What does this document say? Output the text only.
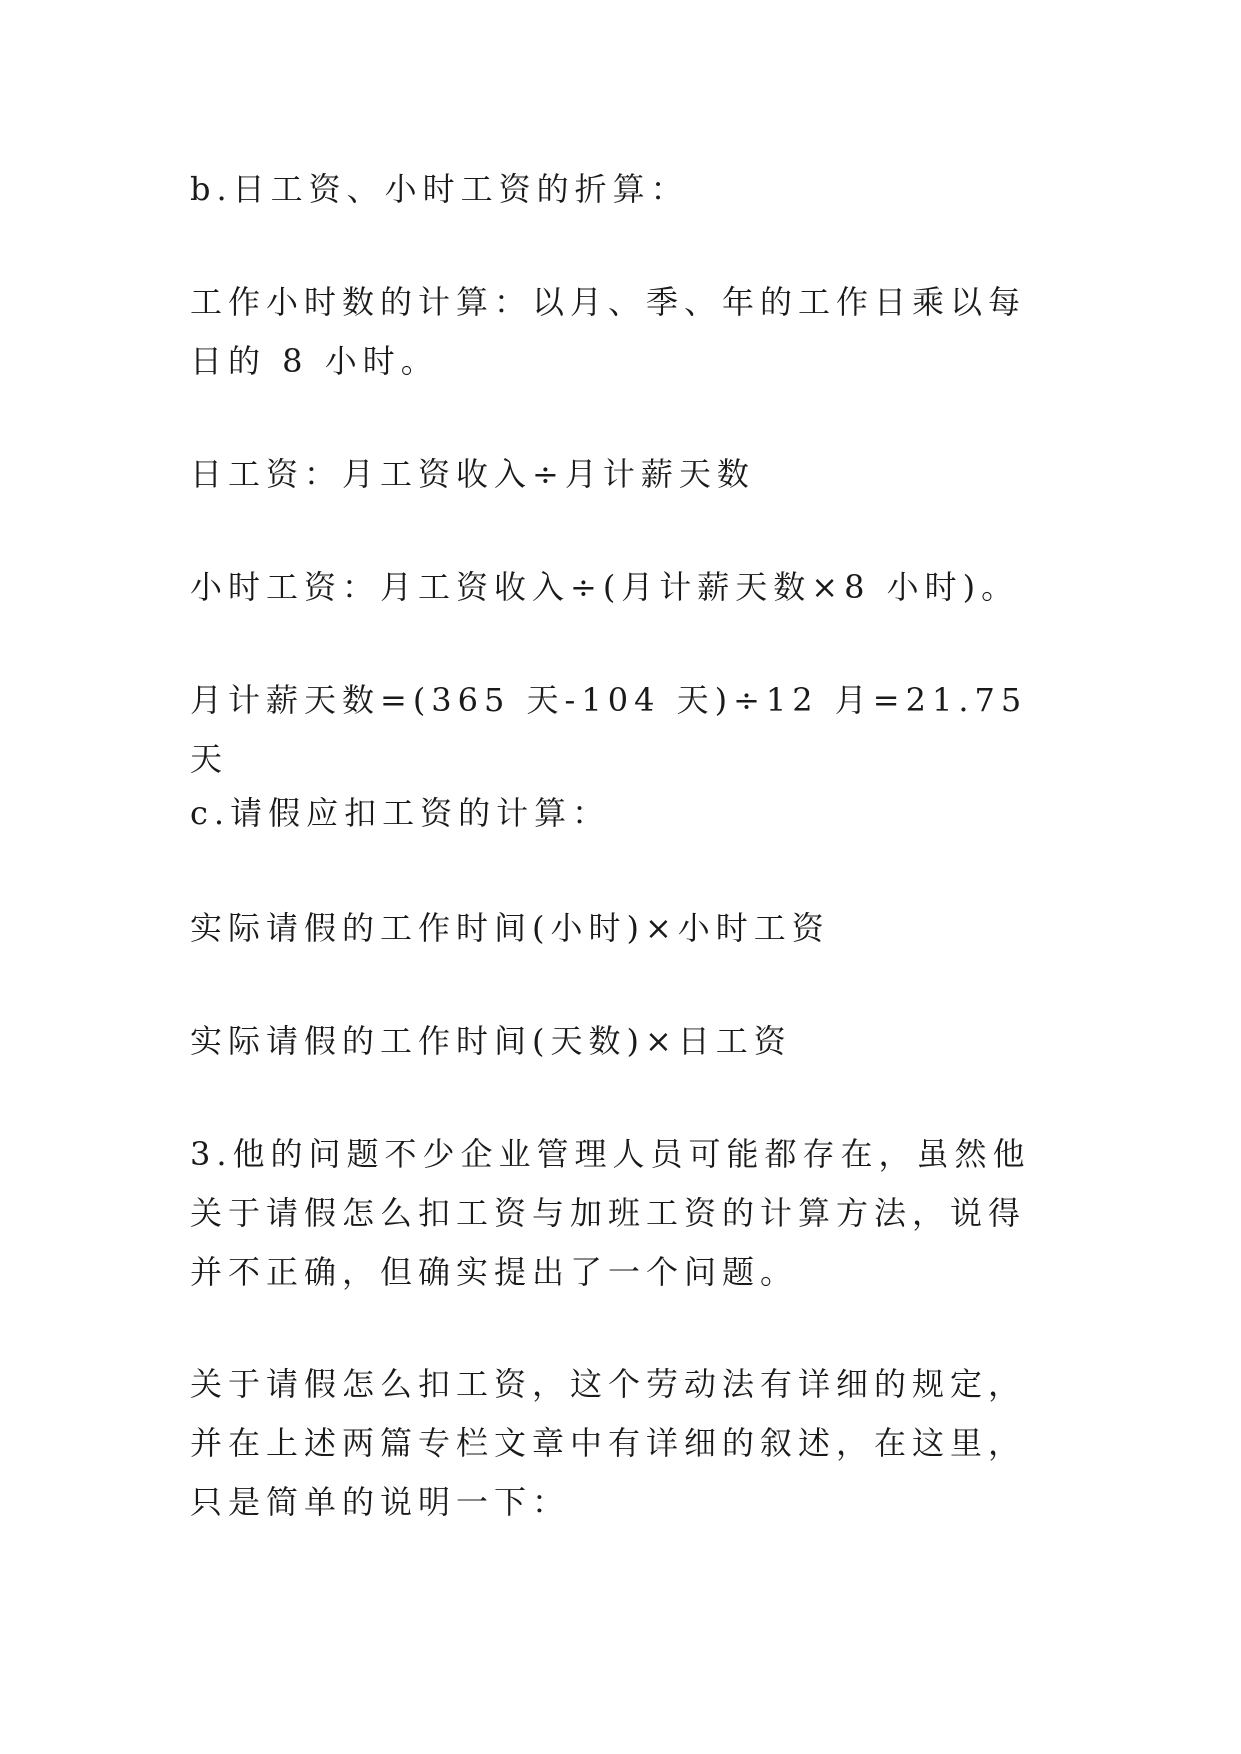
b.日工资、小时工资的折算：

工作小时数的计算：以月、季、年的工作日乘以每日的 8 小时。

日工资：月工资收入÷月计薪天数

小时工资：月工资收入÷(月计薪天数×8 小时)。

月计薪天数=(365 天-104 天)÷12 月=21.75 天

c.请假应扣工资的计算：

实际请假的工作时间(小时)×小时工资

实际请假的工作时间(天数)×日工资

3.他的问题不少企业管理人员可能都存在，虽然他关于请假怎么扣工资与加班工资的计算方法，说得并不正确，但确实提出了一个问题。

关于请假怎么扣工资，这个劳动法有详细的规定，并在上述两篇专栏文章中有详细的叙述，在这里，只是简单的说明一下：
